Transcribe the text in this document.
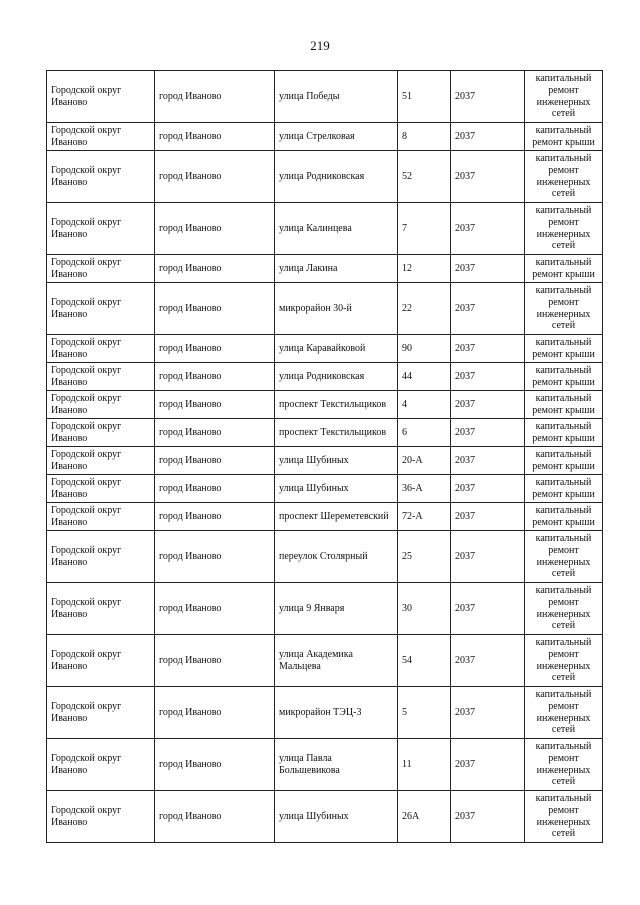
219
Городской округ Иваново	город Иваново	улица Победы	51	2037	капитальный ремонт инженерных сетей
Городской округ Иваново	город Иваново	улица Стрелковая	8	2037	капитальный ремонт крыши
Городской округ Иваново	город Иваново	улица Родниковская	52	2037	капитальный ремонт инженерных сетей
Городской округ Иваново	город Иваново	улица Калинцева	7	2037	капитальный ремонт инженерных сетей
Городской округ Иваново	город Иваново	улица Лакина	12	2037	капитальный ремонт крыши
Городской округ Иваново	город Иваново	микрорайон 30-й	22	2037	капитальный ремонт инженерных сетей
Городской округ Иваново	город Иваново	улица Каравайковой	90	2037	капитальный ремонт крыши
Городской округ Иваново	город Иваново	улица Родниковская	44	2037	капитальный ремонт крыши
Городской округ Иваново	город Иваново	проспект Текстильщиков	4	2037	капитальный ремонт крыши
Городской округ Иваново	город Иваново	проспект Текстильщиков	6	2037	капитальный ремонт крыши
Городской округ Иваново	город Иваново	улица Шубиных	20-А	2037	капитальный ремонт крыши
Городской округ Иваново	город Иваново	улица Шубиных	36-А	2037	капитальный ремонт крыши
Городской округ Иваново	город Иваново	проспект Шереметевский	72-А	2037	капитальный ремонт крыши
Городской округ Иваново	город Иваново	переулок Столярный	25	2037	капитальный ремонт инженерных сетей
Городской округ Иваново	город Иваново	улица 9 Января	30	2037	капитальный ремонт инженерных сетей
Городской округ Иваново	город Иваново	улица Академика Мальцева	54	2037	капитальный ремонт инженерных сетей
Городской округ Иваново	город Иваново	микрорайон ТЭЦ-3	5	2037	капитальный ремонт инженерных сетей
Городской округ Иваново	город Иваново	улица Павла Большевикова	11	2037	капитальный ремонт инженерных сетей
Городской округ Иваново	город Иваново	улица Шубиных	26А	2037	капитальный ремонт инженерных сетей
